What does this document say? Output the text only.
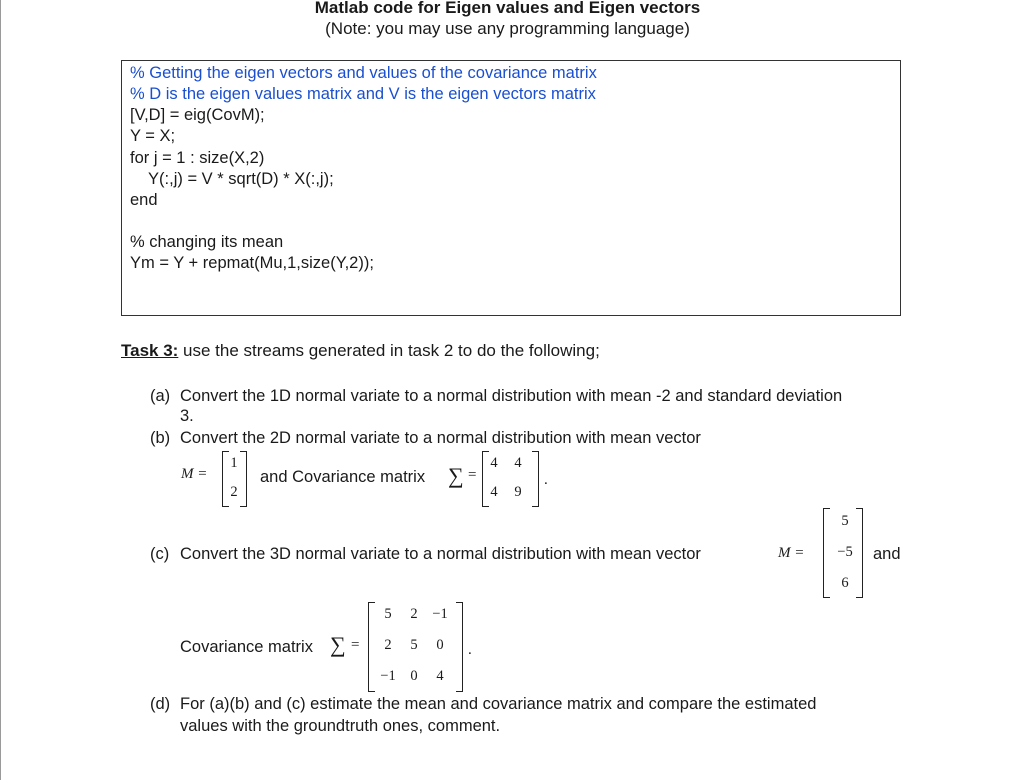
Matlab code for Eigen values and Eigen vectors
(Note: you may use any programming language)
% Getting the eigen vectors and values of the covariance matrix
% D is the eigen values matrix and V is the eigen vectors matrix
[V,D] = eig(CovM);
Y = X;
for j = 1 : size(X,2)
Y(:,j) = V * sqrt(D) * X(:,j);
end
% changing its mean
Ym = Y + repmat(Mu,1,size(Y,2));
Task 3: use the streams generated in task 2 to do the following;
(a) Convert the 1D normal variate to a normal distribution with mean -2 and standard deviation
3.
(b) Convert the 2D normal variate to a normal distribution with mean vector
M =
1
2
and Covariance matrix ∑ =
4	4
4	9
.
(c) Convert the 3D normal variate to a normal distribution with mean vector	M =
5
−5
6
and
Covariance matrix ∑ =
5	2	−1
2	5	0
−1	0	4
.
(d) For (a)(b) and (c) estimate the mean and covariance matrix and compare the estimated
values with the groundtruth ones, comment.
